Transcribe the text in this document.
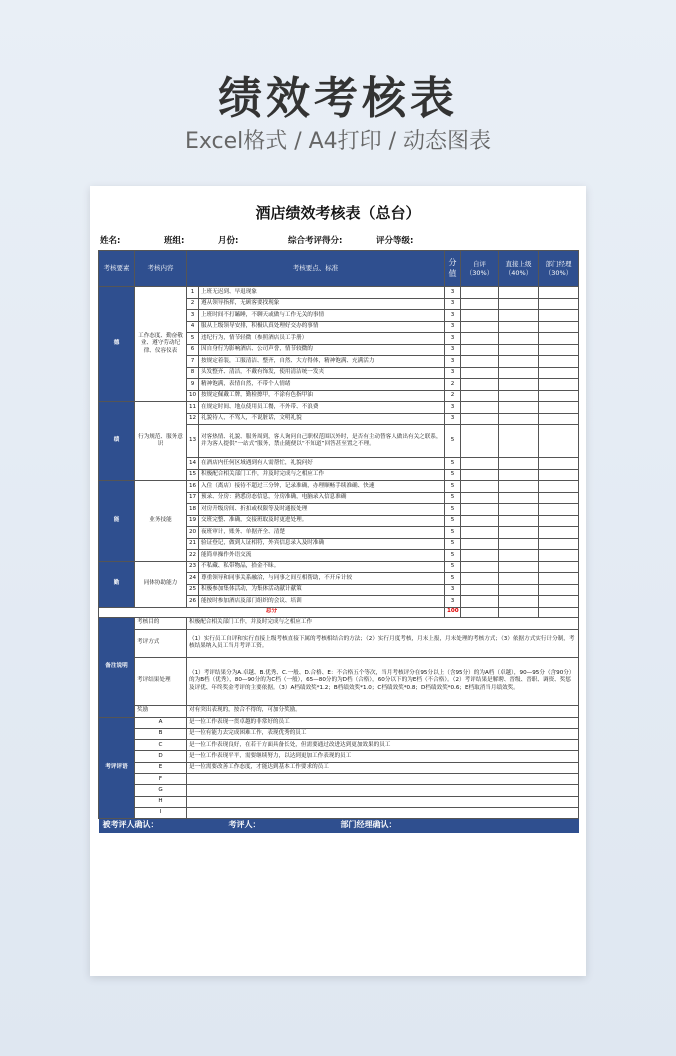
绩效考核表
Excel格式 / A4打印 / 动态图表
酒店绩效考核表（总台）
姓名:	班组:	月份:	综合考评得分:	评分等级:
考核要素	考核内容	考核要点、标准		分值	自评（30%）	直接上级（40%）	部门经理（30%）
德	工作态度、勤奋敬业、遵守劳动纪律、仪容仪表	1	上班无迟到、早退现象	3			
		2	遵从领导指挥，无顾客要找现象	3			
		3	上班时间不打瞌睡，不聊天或做与工作无关的事情	3			
		4	服从上级领导安排，积极认真处理好交办的事情	3			
		5	违纪行为，情节轻微（参照酒店员工手册）	3			
		6	因自身行为影响酒店、公司声誉，情节较微的	3			
		7	按规定着装，工服清洁、整齐，自然、大方得体，精神饱满、充满活力	3			
		8	头发整齐、清洁，不戴有饰发，使用清洁统一发夹	3			
		9	精神饱满，表情自然，不带个人情绪	2			
		10	按规定佩戴工牌，勤检擦甲，不涂有色指甲油	2			
绩	行为规范、服务意识	11	在规定时间、地点使用员工餐，不外带、不浪费	3			
		12	礼貌待人，不骂人，不说脏话，文明礼貌	3			
		13	对客热情、礼貌、服务周到，客人询问自己职权范围以外时，是否有主动替客人做出有关之联系，并为客人提供“一站式”服务，禁止随便以“不知道”回答甚至置之不理。	5			
		14	在酒店内任何区域遇到有人需帮忙，礼貌问好	5			
		15	积极配合相关部门工作，并及时完成与之相应工作	5			
能	业务技能	16	入住（离店）接待不超过三分钟，记录准确，办理顺畅手续准确、快速	5			
		17	预录、分房：熟悉房态信息，分房准确，电脑录入信息准确	5			
		18	对房升级房间、折扣或权限等及时通报处理	5			
		19	交班完整、准确，交接班取及时更进处理。	5			
		20	夜班审计，账务、单据齐全、清楚	5			
		21	验证登记，做到人证相符，外宾信息录入及时准确	5			
		22	能简单操作外语交流	5			
勤	同体协助能力	23	不私藏、私带物品，拾金不昧。	5			
		24	尊重领导和同事关系融洽，与同事之间互相帮助，不开斥计较	5			
		25	积极参加集体活动，为集体活动献计献策	3			
		26	能按时参加酒店及部门组织的会议、培训	3			
总分				100			
备注说明	考核目的	积极配合相关部门工作，并及时完成与之相应工作					
	考评方式	（1）实行员工自评和实行直接上级考核直接下属的考核相结合的方法；（2）实行月度考核，月末上报，月末处理的考核方式；（3）依据方式实行计分制，考核结果纳入员工当月考评工资。					
	考评结果处理	（1）考评结果分为A.卓越、B.优秀、C.一般、D.合格、E：不合格五个等次，当月考核评分在95分以上（含95分）的为A档（卓越），90—95分（含90分）的为B档（优秀），80—90分的为C档（一般），65—80分的为D档（合格），60分以下的为E档（不合格）。（2）考评结果是解聘、晋级、晋职、调资、奖惩及评优、年终奖金考评的主要依据。（3）A档绩效奖*1.2；B档绩效奖*1.0；C档绩效奖*0.8；D档绩效奖*0.6；E档取消当月绩效奖。					
	奖励	对有突出表现的，按合不得的，可加分奖励。					
考评评语	A	是一位工作表现一贯卓越的非常好的员工					
	B	是一位有能力去完成困难工作，表现优秀的员工					
	C	是一位工作表现良好，在若干方面具备长处，但需要通过改进达到更加效果的员工					
	D	是一位工作表现平平，需要继续努力，以达到更加工作表现的员工					
	E	是一位需要改善工作态度，才能达到基本工作要求的员工					
	F						
	G						
	H						
	I						

被考评人确认： 考评人： 部门经理确认：							
